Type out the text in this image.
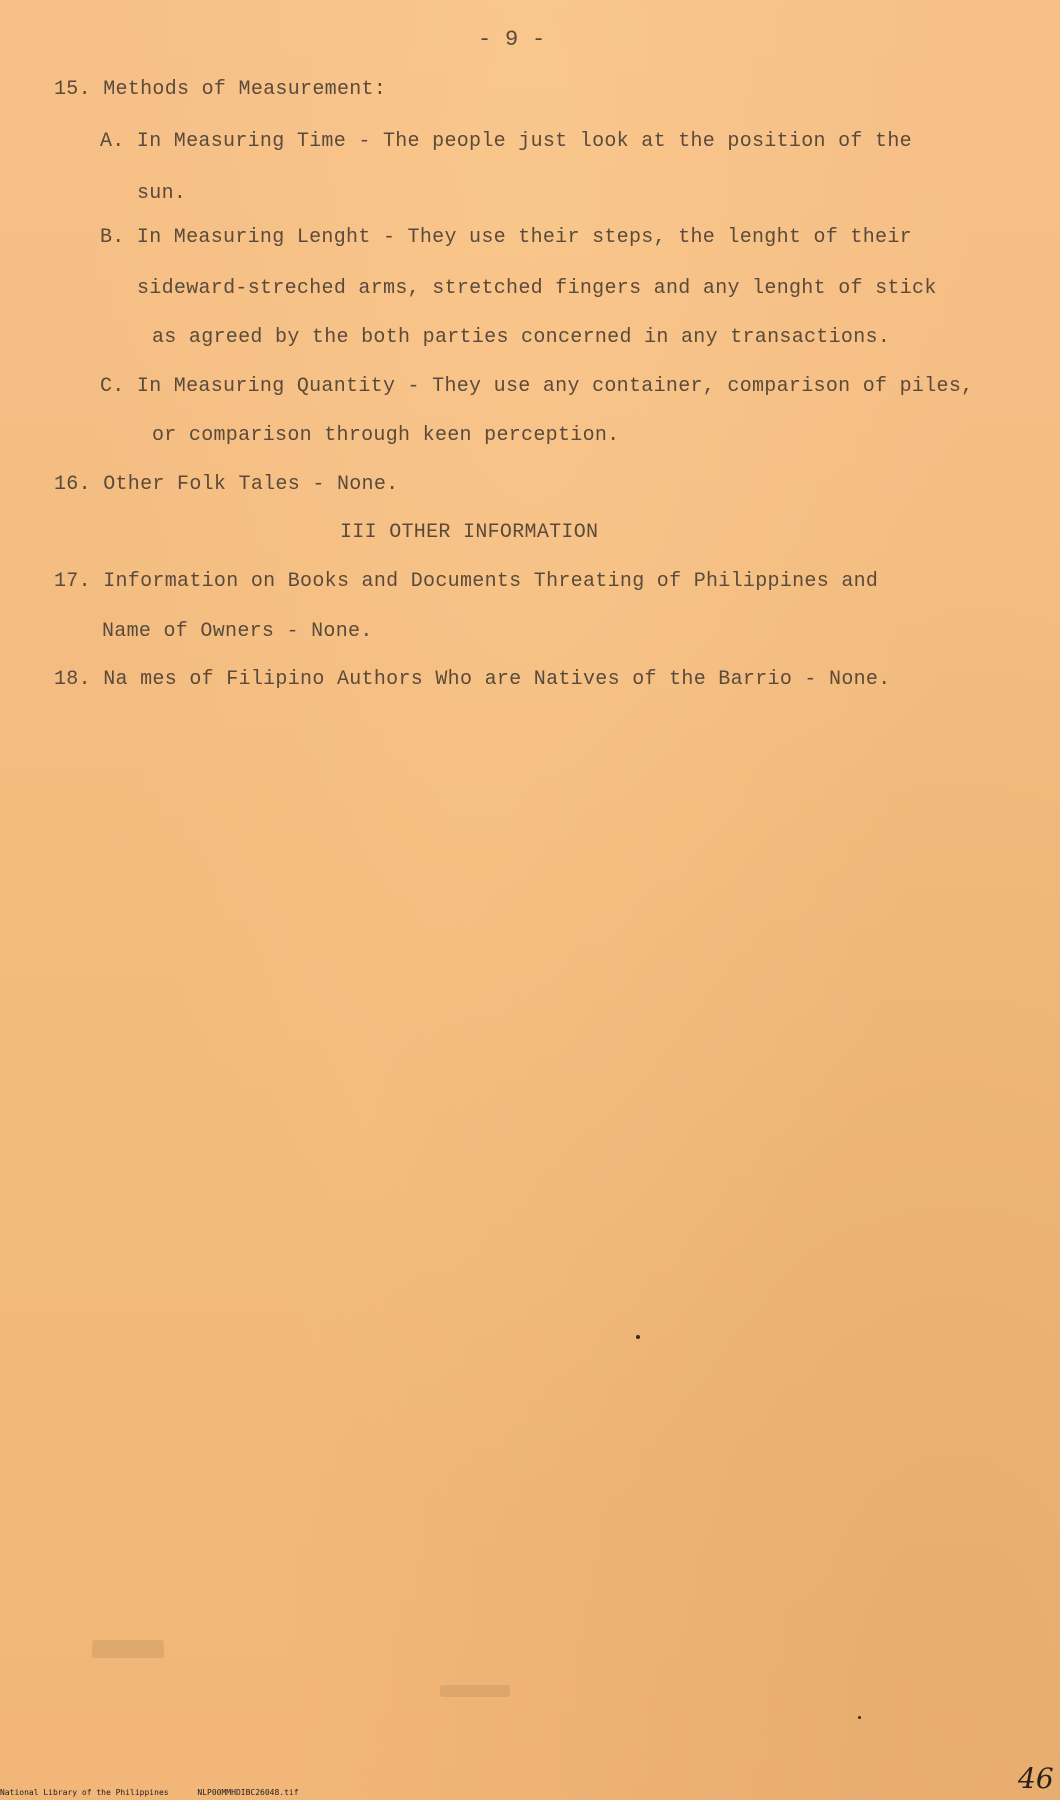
- 9 -
15. Methods of Measurement:
A. In Measuring Time - The people just look at the position of the
sun.
B. In Measuring Lenght - They use their steps, the lenght of their
sideward-streched arms, stretched fingers and any lenght of stick
as agreed by the both parties concerned in any transactions.
C. In Measuring Quantity - They use any container, comparison of piles,
or comparison through keen perception.
16. Other Folk Tales - None.
III OTHER INFORMATION
17. Information on Books and Documents Threating of Philippines and
Name of Owners - None.
18. Na mes of Filipino Authors Who are Natives of the Barrio - None.
46
National Library of the Philippines	NLP00MMHDIBC26048.tif
